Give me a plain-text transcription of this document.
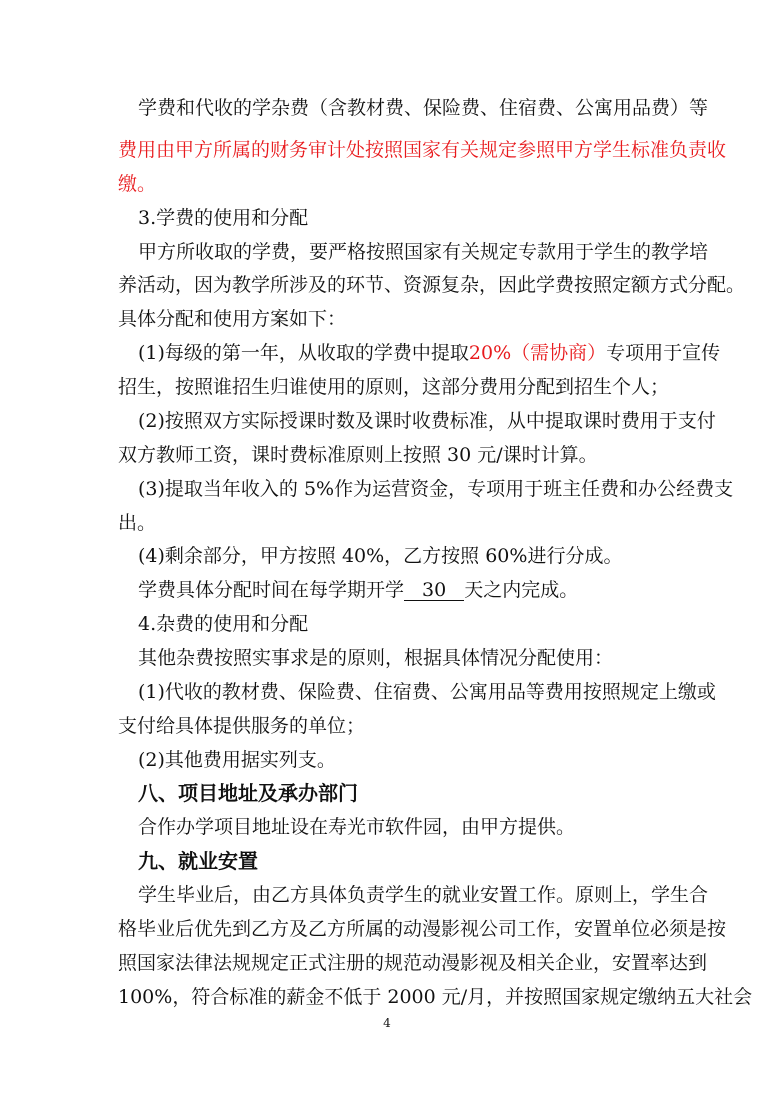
学费和代收的学杂费（含教材费、保险费、住宿费、公寓用品费）等
费用由甲方所属的财务审计处按照国家有关规定参照甲方学生标准负责收
缴。
3.学费的使用和分配
甲方所收取的学费，要严格按照国家有关规定专款用于学生的教学培
养活动，因为教学所涉及的环节、资源复杂，因此学费按照定额方式分配。
具体分配和使用方案如下：
(1)每级的第一年，从收取的学费中提取20%（需协商）专项用于宣传
招生，按照谁招生归谁使用的原则，这部分费用分配到招生个人；
(2)按照双方实际授课时数及课时收费标准，从中提取课时费用于支付
双方教师工资，课时费标准原则上按照 30 元/课时计算。
(3)提取当年收入的 5%作为运营资金，专项用于班主任费和办公经费支
出。
(4)剩余部分，甲方按照 40%，乙方按照 60%进行分成。
学费具体分配时间在每学期开学 30 天之内完成。
4.杂费的使用和分配
其他杂费按照实事求是的原则，根据具体情况分配使用：
(1)代收的教材费、保险费、住宿费、公寓用品等费用按照规定上缴或
支付给具体提供服务的单位；
(2)其他费用据实列支。
八、项目地址及承办部门
合作办学项目地址设在寿光市软件园，由甲方提供。
九、就业安置
学生毕业后，由乙方具体负责学生的就业安置工作。原则上，学生合
格毕业后优先到乙方及乙方所属的动漫影视公司工作，安置单位必须是按
照国家法律法规规定正式注册的规范动漫影视及相关企业，安置率达到
100%，符合标准的薪金不低于 2000 元/月，并按照国家规定缴纳五大社会
4
